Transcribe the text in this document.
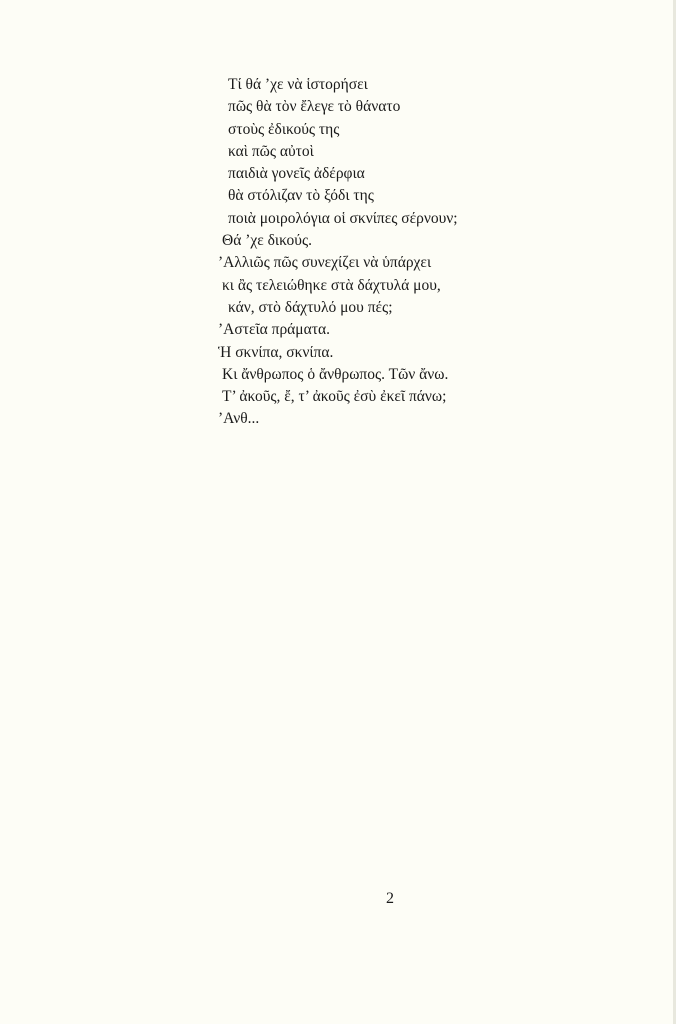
Τί θά ’χε νὰ ἱστορήσει
πῶς θὰ τὸν ἔλεγε τὸ θάνατο
στοὺς ἐδικούς της
καὶ πῶς αὐτοὶ
παιδιὰ γονεῖς ἀδέρφια
θὰ στόλιζαν τὸ ξόδι της
ποιὰ μοιρολόγια οἱ σκνίπες σέρνουν;
Θά ’χε δικούς.
’Αλλιῶς πῶς συνεχίζει νὰ ὑπάρχει
κι ἂς τελειώθηκε στὰ δάχτυλά μου,
κάν, στὸ δάχτυλό μου πές;
’Αστεῖα πράματα.
Ἡ σκνίπα, σκνίπα.
Κι ἄνθρωπος ὁ ἄνθρωπος. Τῶν ἄνω.
Τ’ ἀκοῦς, ἔ, τ’ ἀκοῦς ἐσὺ ἐκεῖ πάνω;
’Ανθ...
2
